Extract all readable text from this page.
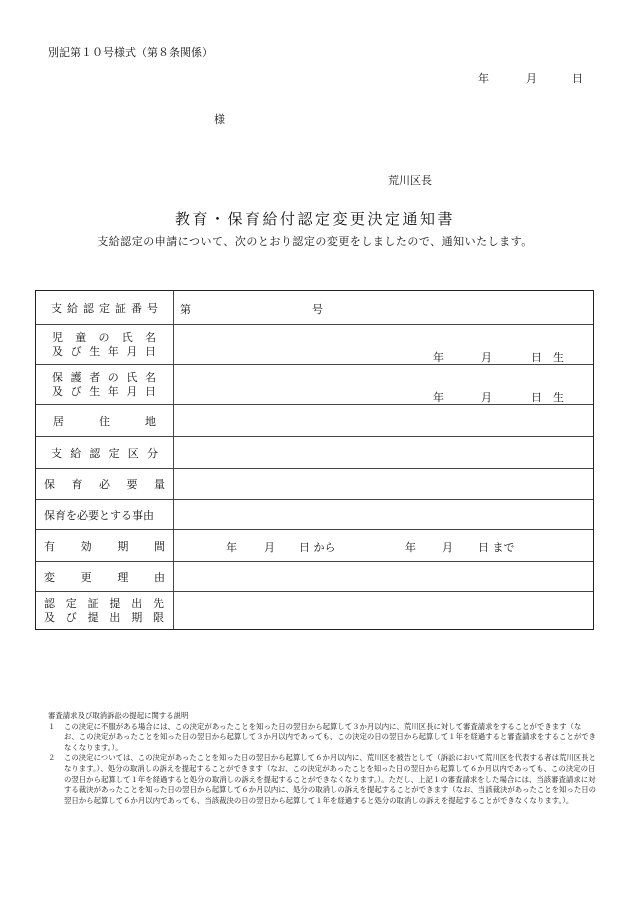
別記第１０号様式（第８条関係）
年	月	日
様
荒川区長
教育・保育給付認定変更決定通知書
支給認定の申請について、次のとおり認定の変更をしましたので、通知いたします。
支 給 認 定 証 番 号 第	号
児 童 の 氏 名
及 び 生 年 月 日	年	月	日 生
保 護 者 の 氏 名
及 び 生 年 月 日	年	月	日 生
居	住	地
支 給 認 定 区 分
保 育 必 要 量
保育を必要とする事由
有 効 期 間	年 月 日 から	年 月 日 まで
変 更 理 由
認 定 証 提 出 先
及 び 提 出 期 限

審査請求及び取消訴訟の提起に関する説明

１	この決定に不服がある場合には、この決定があったことを知った日の翌日から起算して３か月以内に、荒川区長に対して審査請求をすることができます（なお、この決定があったことを知った日の翌日から起算して３か月以内であっても、この決定の日の翌日から起算して１年を経過すると審査請求をすることができなくなります。）。
２	この決定については、この決定があったことを知った日の翌日から起算して６か月以内に、荒川区を被告として（訴訟において荒川区を代表する者は荒川区長となります。）、処分の取消しの訴えを提起することができます（なお、この決定があったことを知った日の翌日から起算して６か月以内であっても、この決定の日の翌日から起算して１年を経過すると処分の取消しの訴えを提起することができなくなります。）。ただし、上記１の審査請求をした場合には、当該審査請求に対する裁決があったことを知った日の翌日から起算して６か月以内に、処分の取消しの訴えを提起することができます（なお、当該裁決があったことを知った日の翌日から起算して６か月以内であっても、当該裁決の日の翌日から起算して１年を経過すると処分の取消しの訴えを提起することができなくなります。）。
